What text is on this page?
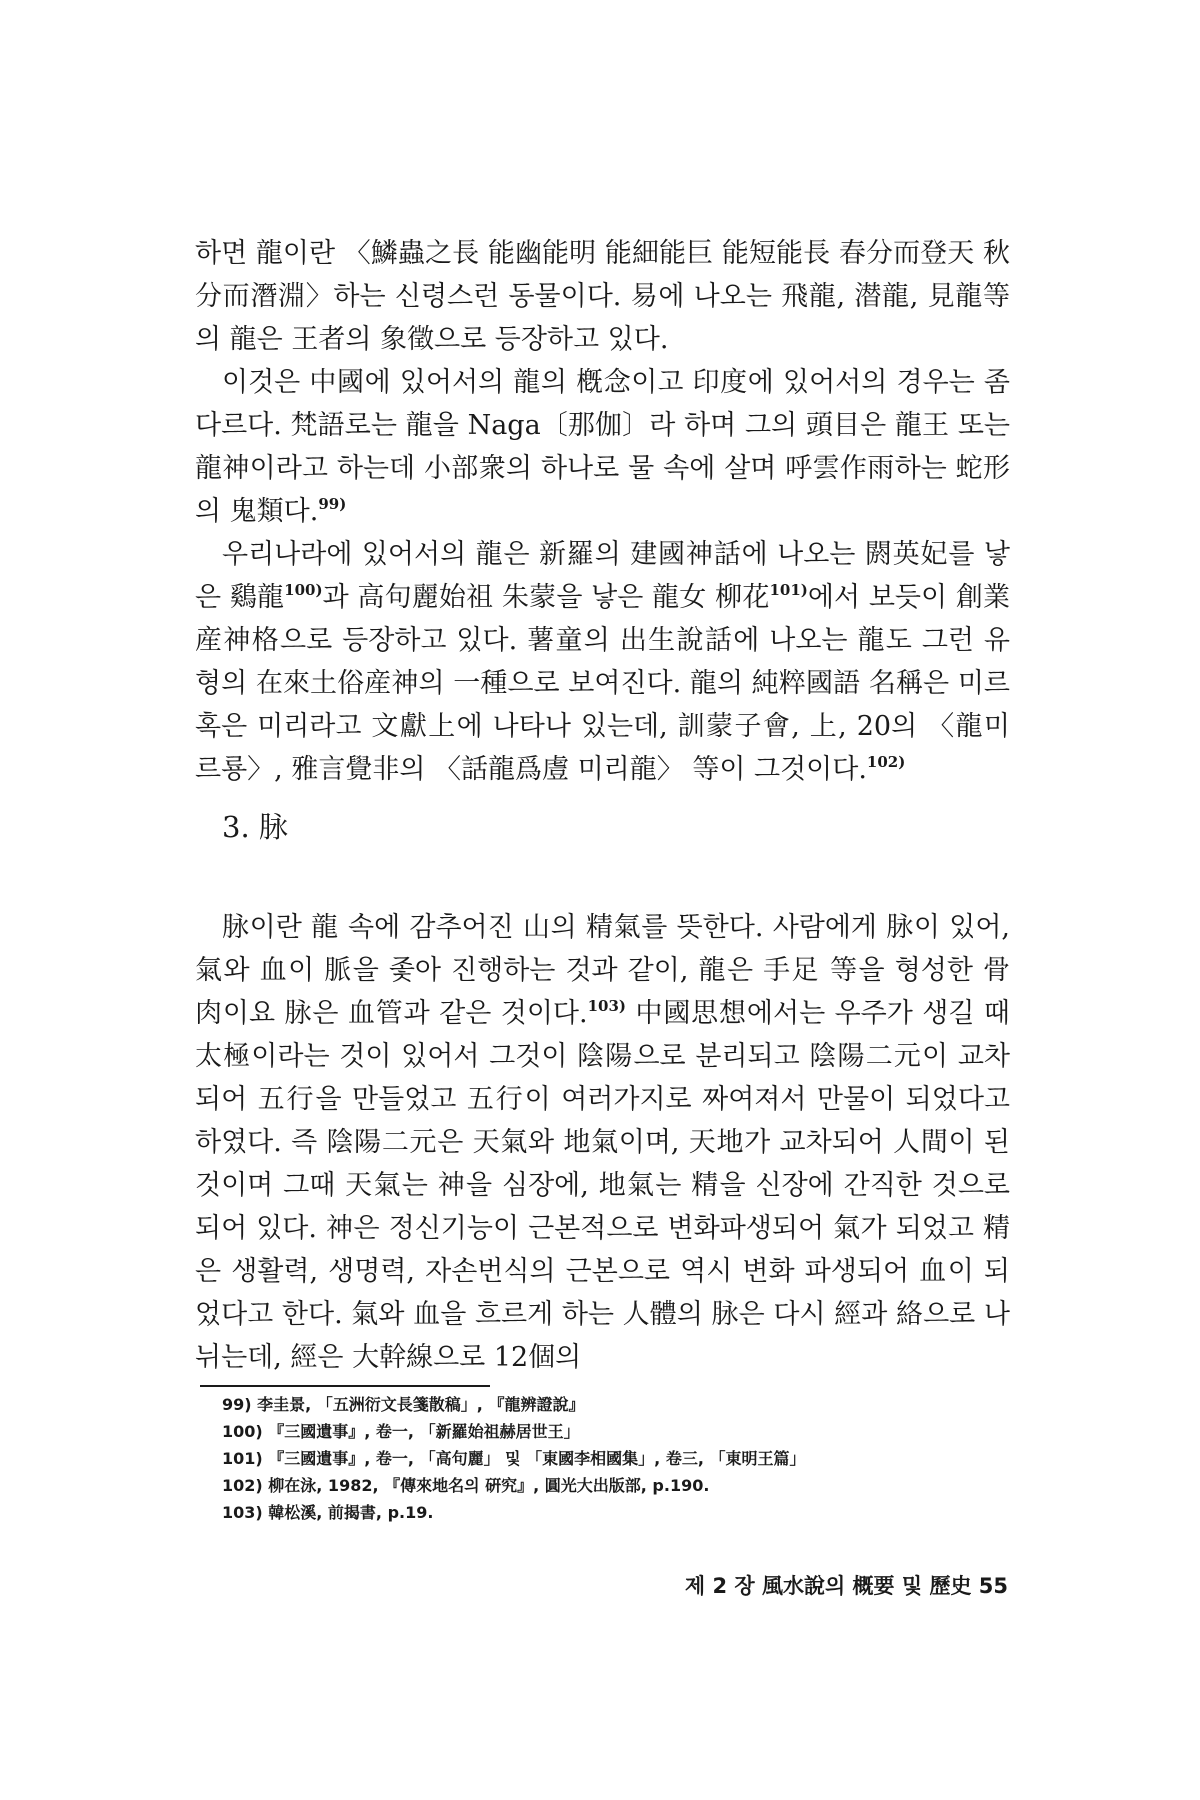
하면 龍이란 〈鱗蟲之長 能幽能明 能細能巨 能短能長 春分而登天 秋分而潛淵〉하는 신령스런 동물이다. 易에 나오는 飛龍, 潜龍, 見龍等의 龍은 王者의 象徵으로 등장하고 있다.

이것은 中國에 있어서의 龍의 槪念이고 印度에 있어서의 경우는 좀 다르다. 梵語로는 龍을 Naga〔那伽〕라 하며 그의 頭目은 龍王 또는 龍神이라고 하는데 小部衆의 하나로 물 속에 살며 呼雲作雨하는 蛇形의 鬼類다.$^{99)}$

우리나라에 있어서의 龍은 新羅의 建國神話에 나오는 閼英妃를 낳은 鷄龍$^{100)}$과 高句麗始祖 朱蒙을 낳은 龍女 柳花$^{101)}$에서 보듯이 創業産神格으로 등장하고 있다. 薯童의 出生說話에 나오는 龍도 그런 유형의 在來土俗産神의 一種으로 보여진다. 龍의 純粹國語 名稱은 미르 혹은 미리라고 文獻上에 나타나 있는데, 訓蒙子會, 上, 20의 〈龍미르룡〉, 雅言覺非의 〈話龍爲䖒 미리龍〉 等이 그것이다.$^{102)}$

3. 脉

脉이란 龍 속에 감추어진 山의 精氣를 뜻한다. 사람에게 脉이 있어, 氣와 血이 脈을 좇아 진행하는 것과 같이, 龍은 手足 等을 형성한 骨肉이요 脉은 血管과 같은 것이다.$^{103)}$ 中國思想에서는 우주가 생길 때 太極이라는 것이 있어서 그것이 陰陽으로 분리되고 陰陽二元이 교차되어 五行을 만들었고 五行이 여러가지로 짜여져서 만물이 되었다고 하였다. 즉 陰陽二元은 天氣와 地氣이며, 天地가 교차되어 人間이 된 것이며 그때 天氣는 神을 심장에, 地氣는 精을 신장에 간직한 것으로 되어 있다. 神은 정신기능이 근본적으로 변화파생되어 氣가 되었고 精은 생활력, 생명력, 자손번식의 근본으로 역시 변화 파생되어 血이 되었다고 한다. 氣와 血을 흐르게 하는 人體의 脉은 다시 經과 絡으로 나뉘는데, 經은 大幹線으로 12個의

99) 李圭景, 「五洲衍文長箋散稿」, 『龍辨證說』
100) 『三國遺事』, 卷一, 「新羅始祖赫居世王」
101) 『三國遺事』, 卷一, 「高句麗」 및 「東國李相國集」, 卷三, 「東明王篇」
102) 柳在泳, 1982, 『傳來地名의 硏究』, 圓光大出版部, p.190.
103) 韓松溪, 前揭書, p.19.
제 2 장 風水說의 概要 및 歷史 55
